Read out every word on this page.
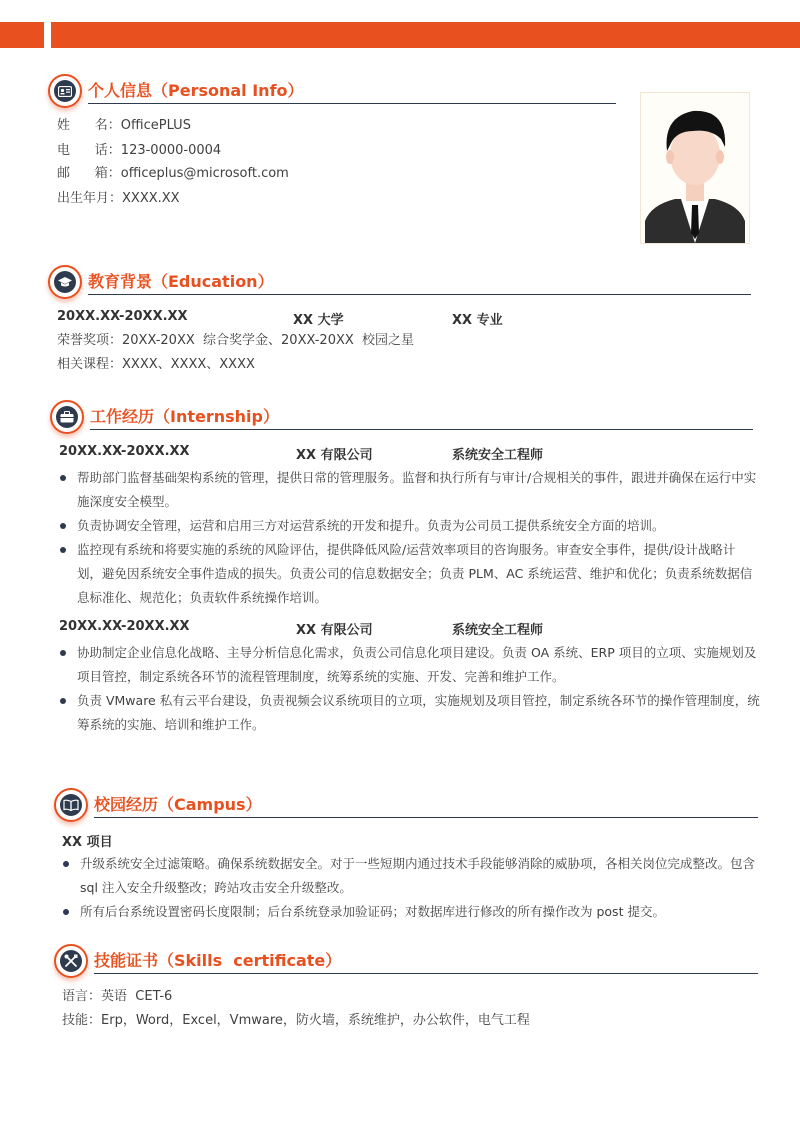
个人信息（Personal Info）
姓      名：OfficePLUS
电      话：123-0000-0004
邮      箱：officeplus@microsoft.com
出生年月：XXXX.XX
教育背景（Education）
20XX.XX-20XX.XX	XX 大学	XX 专业
荣誉奖项：20XX-20XX  综合奖学金、20XX-20XX  校园之星
相关课程：XXXX、XXXX、XXXX
工作经历（Internship）
20XX.XX-20XX.XX	XX 有限公司	系统安全工程师
帮助部门监督基础架构系统的管理，提供日常的管理服务。监督和执行所有与审计/合规相关的事件，跟进并确保在运行中实施深度安全模型。
负责协调安全管理，运营和启用三方对运营系统的开发和提升。负责为公司员工提供系统安全方面的培训。
监控现有系统和将要实施的系统的风险评估，提供降低风险/运营效率项目的咨询服务。审查安全事件，提供/设计战略计划，避免因系统安全事件造成的损失。负责公司的信息数据安全；负责 PLM、AC 系统运营、维护和优化；负责系统数据信息标准化、规范化；负责软件系统操作培训。
20XX.XX-20XX.XX	XX 有限公司	系统安全工程师
协助制定企业信息化战略、主导分析信息化需求，负责公司信息化项目建设。负责 OA 系统、ERP 项目的立项、实施规划及项目管控，制定系统各环节的流程管理制度，统筹系统的实施、开发、完善和维护工作。
负责 VMware 私有云平台建设，负责视频会议系统项目的立项，实施规划及项目管控，制定系统各环节的操作管理制度，统筹系统的实施、培训和维护工作。
校园经历（Campus）
XX 项目
升级系统安全过滤策略。确保系统数据安全。对于一些短期内通过技术手段能够消除的威胁项，各相关岗位完成整改。包含 sql 注入安全升级整改；跨站攻击安全升级整改。
所有后台系统设置密码长度限制；后台系统登录加验证码；对数据库进行修改的所有操作改为 post 提交。
技能证书（Skills  certificate）
语言：英语  CET-6
技能：Erp，Word，Excel，Vmware，防火墙，系统维护，办公软件，电气工程
